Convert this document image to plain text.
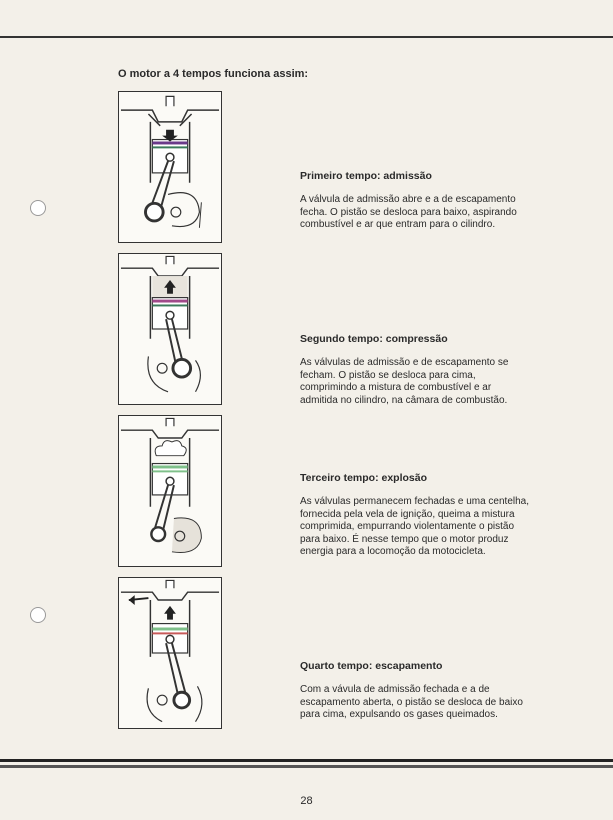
O motor a 4 tempos funciona assim:

Primeiro tempo: admissão

A válvula de admissão abre e a de escapamento fecha. O pistão se desloca para baixo, aspirando combustível e ar que entram para o cilindro.

Segundo tempo: compressão

As válvulas de admissão e de escapamento se fecham. O pistão se desloca para cima, comprimindo a mistura de combustível e ar admitida no cilindro, na câmara de combustão.

Terceiro tempo: explosão

As válvulas permanecem fechadas e uma centelha, fornecida pela vela de ignição, queima a mistura comprimida, empurrando violentamente o pistão para baixo. É nesse tempo que o motor produz energia para a locomoção da motocicleta.

Quarto tempo: escapamento

Com a vávula de admissão fechada e a de escapamento aberta, o pistão se desloca de baixo para cima, expulsando os gases queimados.

28
